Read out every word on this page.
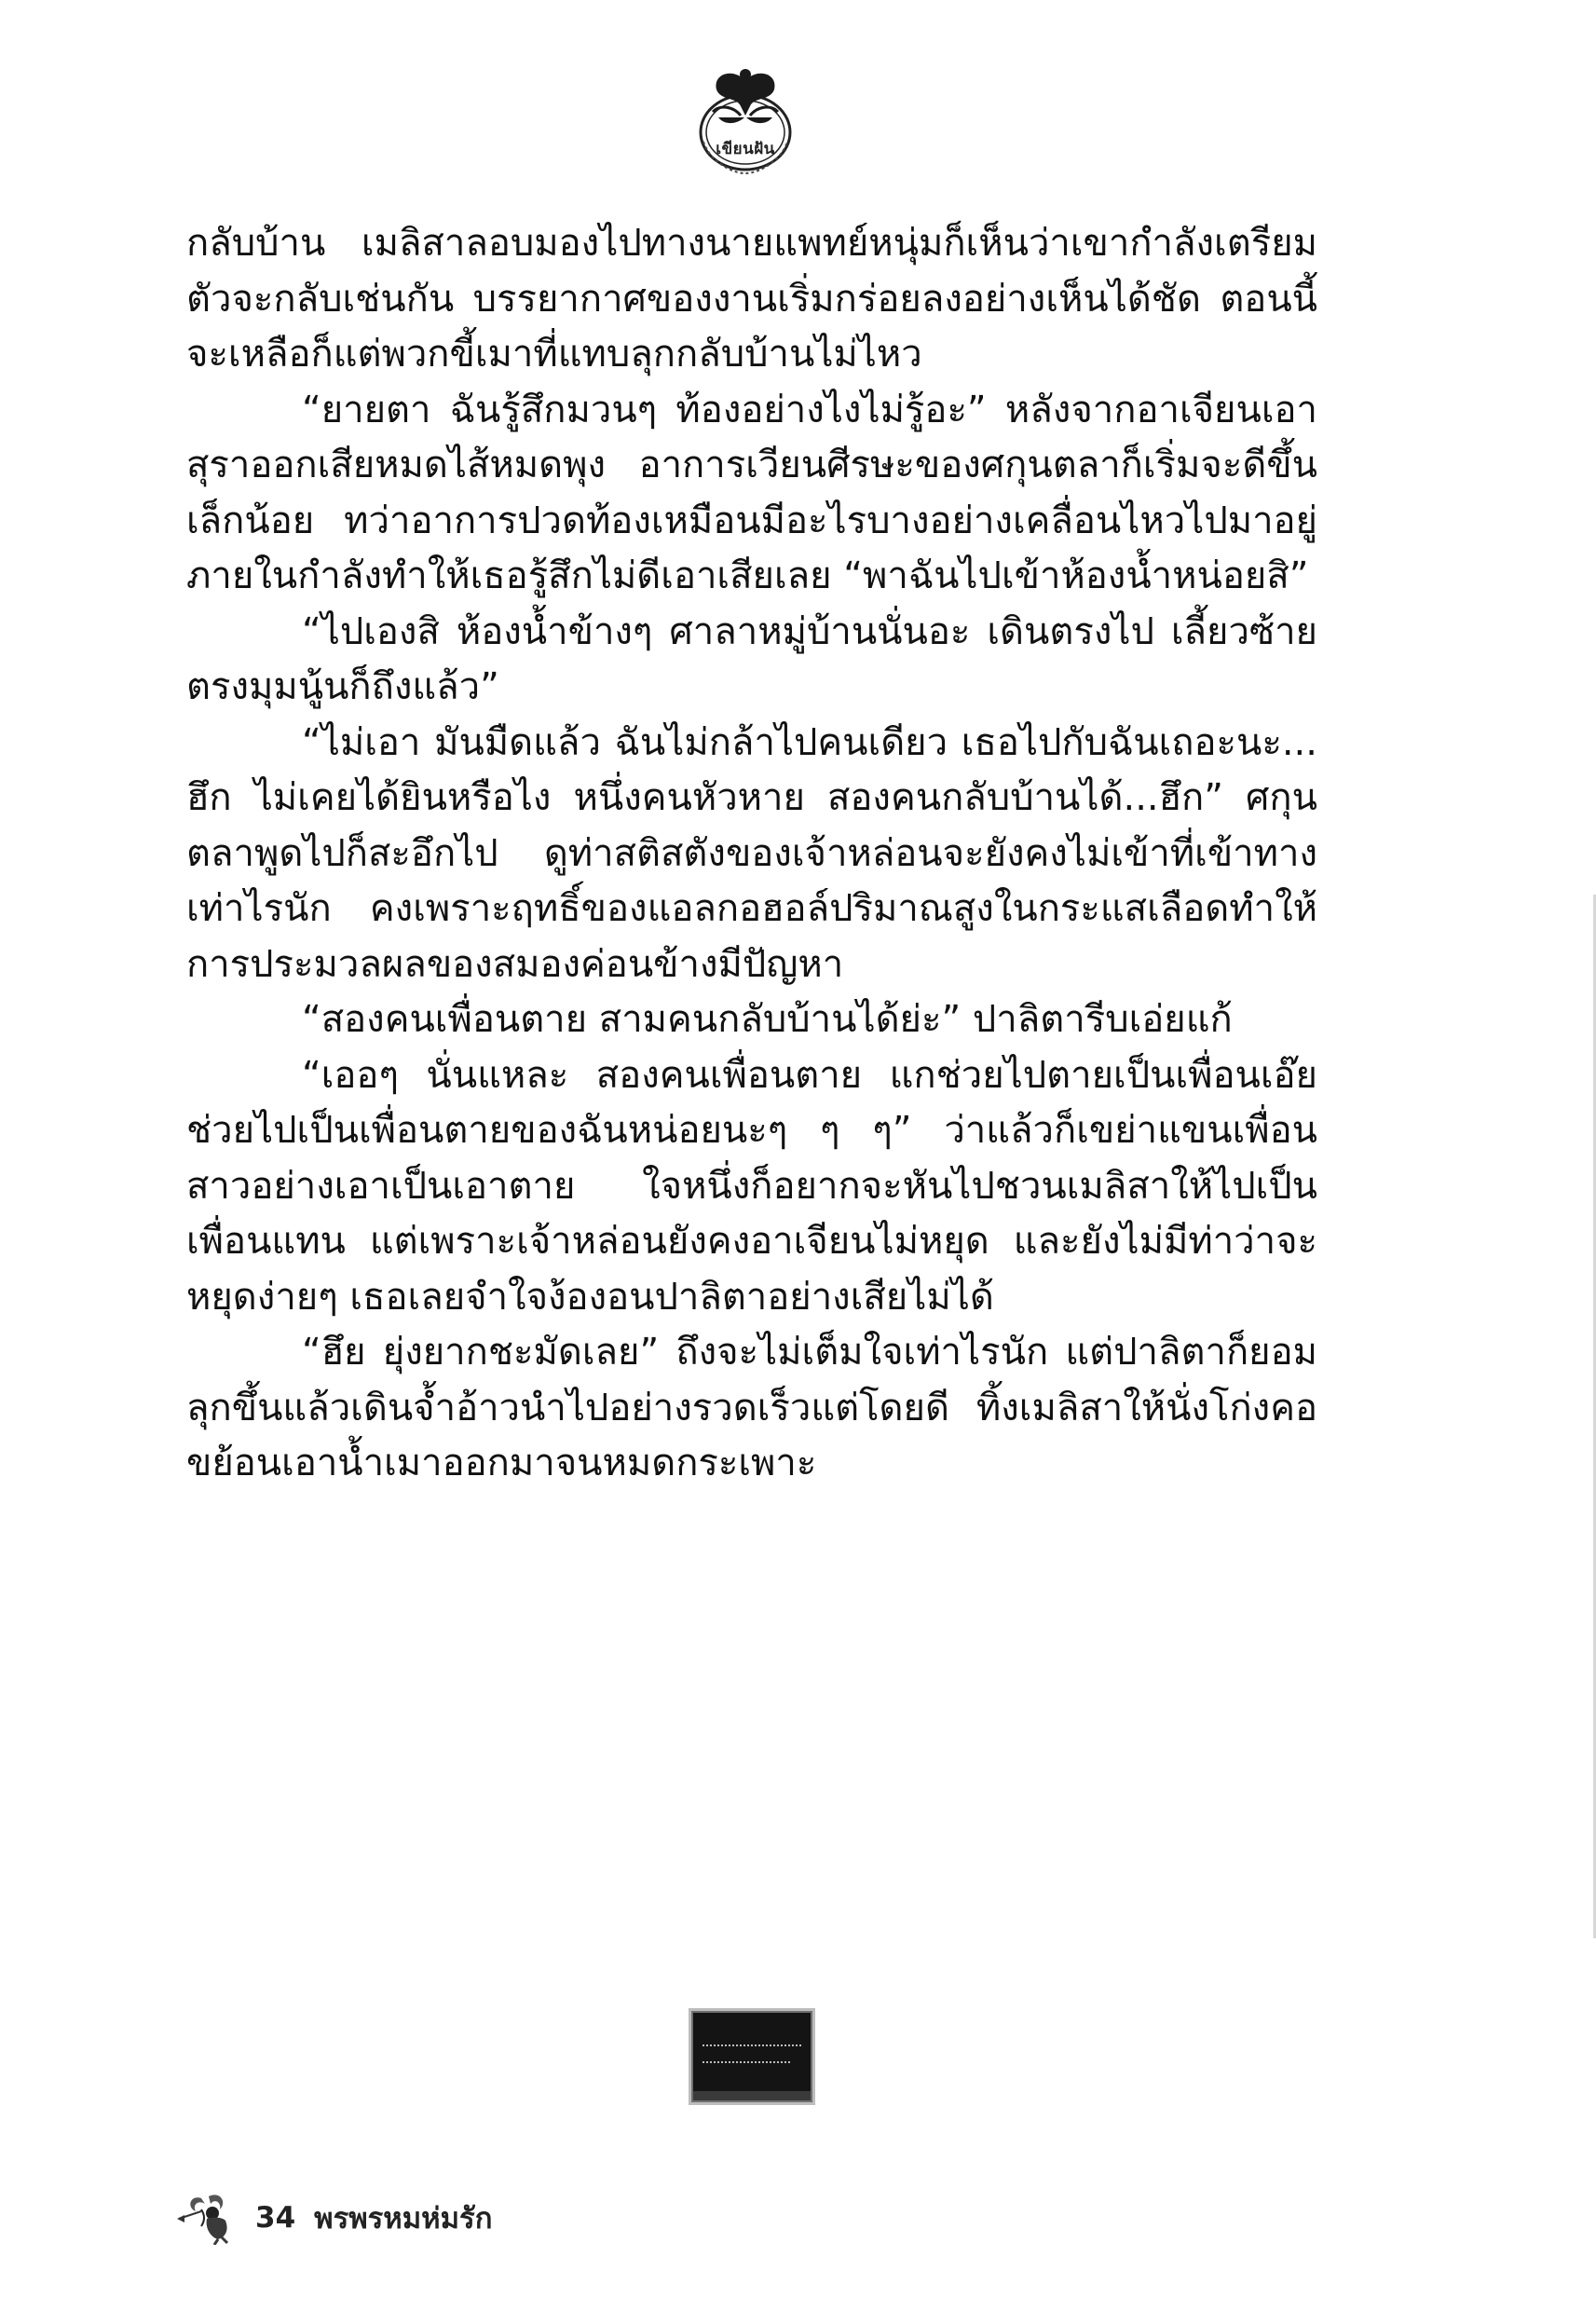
เขียนฝัน

กลับบ้าน เมลิสาลอบมองไปทางนายแพทย์หนุ่มก็เห็นว่าเขากำลังเตรียมตัวจะกลับเช่นกัน บรรยากาศของงานเริ่มกร่อยลงอย่างเห็นได้ชัด ตอนนี้จะเหลือก็แต่พวกขี้เมาที่แทบลุกกลับบ้านไม่ไหว

“ยายตา ฉันรู้สึกมวนๆ ท้องอย่างไงไม่รู้อะ” หลังจากอาเจียนเอาสุราออกเสียหมดไส้หมดพุง อาการเวียนศีรษะของศกุนตลาก็เริ่มจะดีขึ้นเล็กน้อย ทว่าอาการปวดท้องเหมือนมีอะไรบางอย่างเคลื่อนไหวไปมาอยู่ภายในกำลังทำให้เธอรู้สึกไม่ดีเอาเสียเลย “พาฉันไปเข้าห้องน้ำหน่อยสิ”

“ไปเองสิ ห้องน้ำข้างๆ ศาลาหมู่บ้านนั่นอะ เดินตรงไป เลี้ยวซ้ายตรงมุมนู้นก็ถึงแล้ว”

“ไม่เอา มันมืดแล้ว ฉันไม่กล้าไปคนเดียว เธอไปกับฉันเถอะนะ... ฮึก ไม่เคยได้ยินหรือไง หนึ่งคนหัวหาย สองคนกลับบ้านได้...ฮึก” ศกุนตลาพูดไปก็สะอึกไป ดูท่าสติสตังของเจ้าหล่อนจะยังคงไม่เข้าที่เข้าทางเท่าไรนัก คงเพราะฤทธิ์ของแอลกอฮอล์ปริมาณสูงในกระแสเลือดทำให้การประมวลผลของสมองค่อนข้างมีปัญหา

“สองคนเพื่อนตาย สามคนกลับบ้านได้ย่ะ” ปาลิตารีบเอ่ยแก้

“เออๆ นั่นแหละ สองคนเพื่อนตาย แกช่วยไปตายเป็นเพื่อนเอ๊ย ช่วยไปเป็นเพื่อนตายของฉันหน่อยนะๆ ๆ ๆ” ว่าแล้วก็เขย่าแขนเพื่อนสาวอย่างเอาเป็นเอาตาย ใจหนึ่งก็อยากจะหันไปชวนเมลิสาให้ไปเป็นเพื่อนแทน แต่เพราะเจ้าหล่อนยังคงอาเจียนไม่หยุด และยังไม่มีท่าว่าจะหยุดง่ายๆ เธอเลยจำใจง้องอนปาลิตาอย่างเสียไม่ได้

“ฮึย ยุ่งยากชะมัดเลย” ถึงจะไม่เต็มใจเท่าไรนัก แต่ปาลิตาก็ยอมลุกขึ้นแล้วเดินจ้ำอ้าวนำไปอย่างรวดเร็วแต่โดยดี ทิ้งเมลิสาให้นั่งโก่งคอขย้อนเอาน้ำเมาออกมาจนหมดกระเพาะ

34 พรพรหมห่มรัก
